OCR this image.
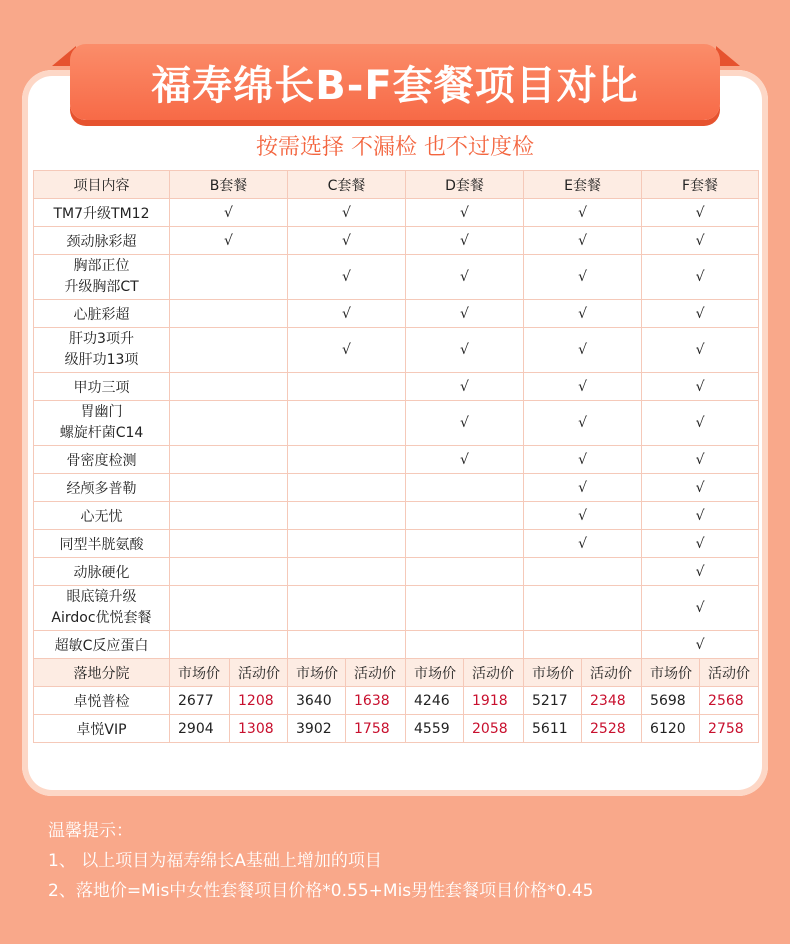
福寿绵长B-F套餐项目对比
按需选择 不漏检 也不过度检
项目内容	B套餐		C套餐		D套餐		E套餐		F套餐	
TM7升级TM12	√		√		√		√		√	
颈动脉彩超	√		√		√		√		√	

胸部正位
升级胸部CT			√		√		√		√	
心脏彩超			√		√		√		√	

肝功3项升
级肝功13项			√		√		√		√	
甲功三项					√		√		√	

胃幽门
螺旋杆菌C14					√		√		√	
骨密度检测					√		√		√	
经颅多普勒							√		√	
心无忧							√		√	
同型半胱氨酸							√		√	
动脉硬化									√	

眼底镜升级
Airdoc优悦套餐									√	
超敏C反应蛋白									√	
落地分院	市场价	活动价	市场价	活动价	市场价	活动价	市场价	活动价	市场价	活动价
卓悦普检	2677	1208	3640	1638	4246	1918	5217	2348	5698	2568
卓悦VIP	2904	1308	3902	1758	4559	2058	5611	2528	6120	2758
温馨提示：
1、 以上项目为福寿绵长A基础上增加的项目
2、落地价=Mis中女性套餐项目价格*0.55+Mis男性套餐项目价格*0.45
